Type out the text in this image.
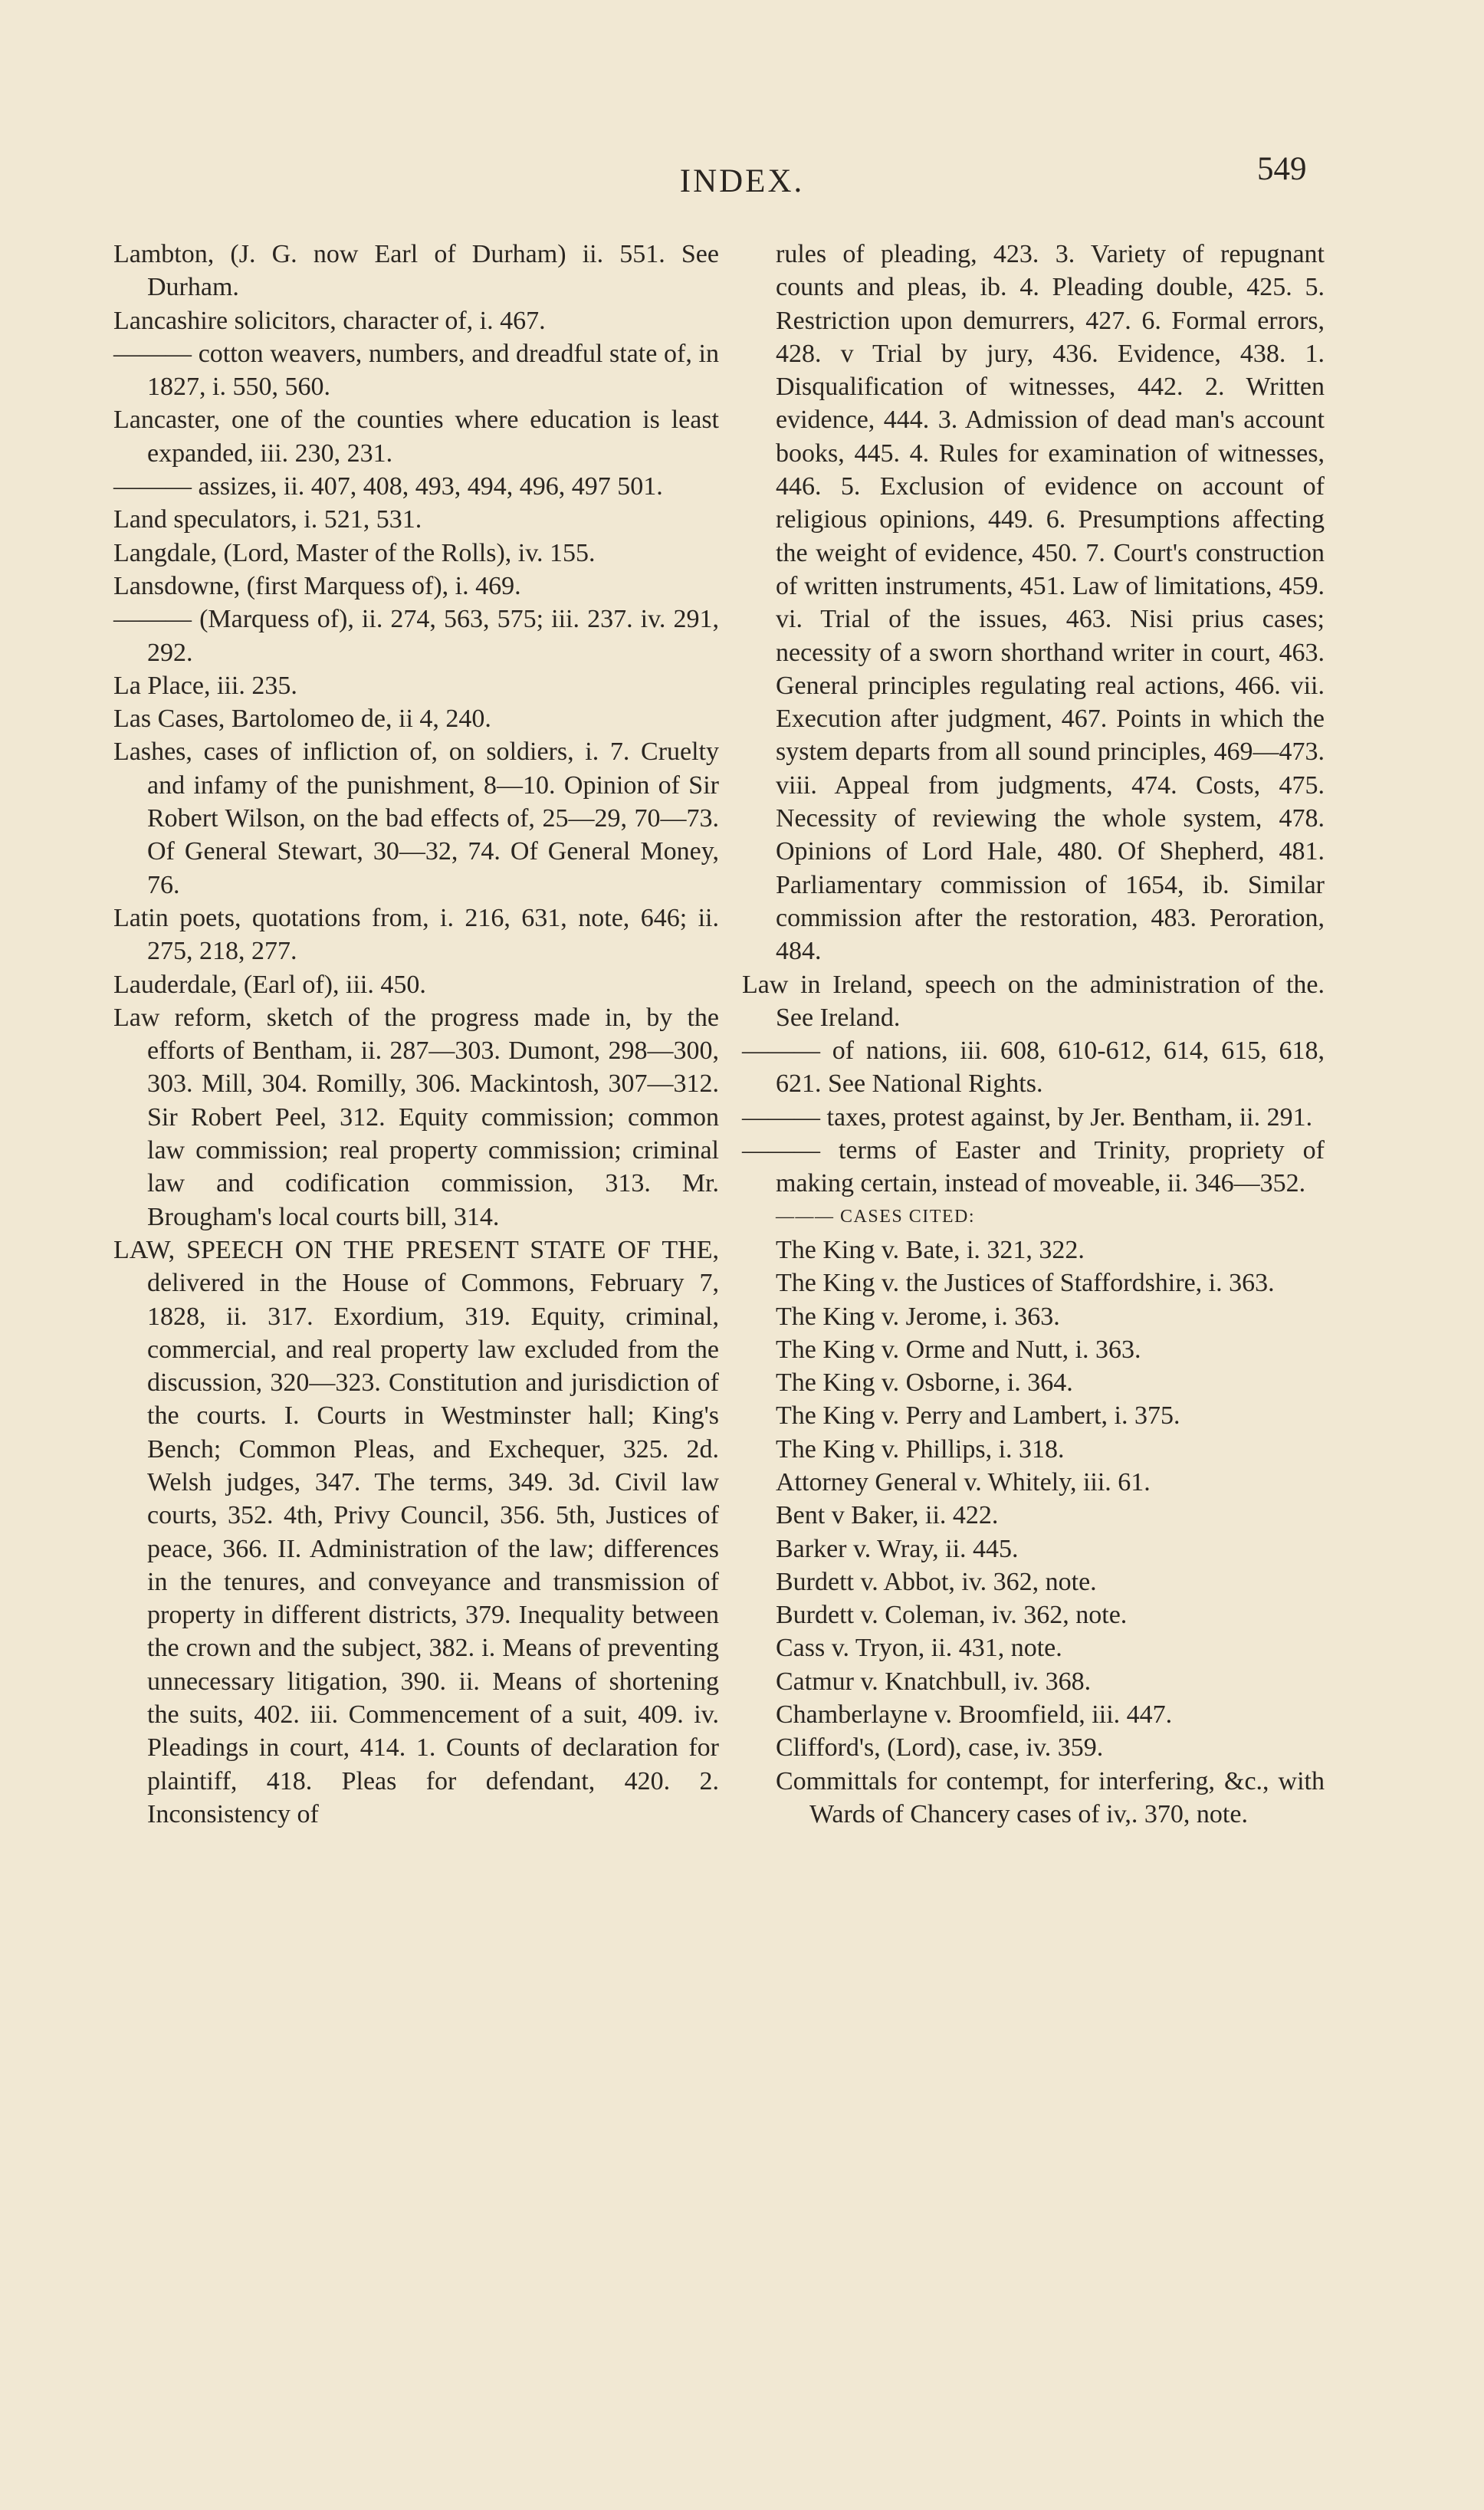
INDEX.	549

Lambton, (J. G. now Earl of Durham) ii. 551. See Durham.

Lancashire solicitors, character of, i. 467.

——— cotton weavers, numbers, and dreadful state of, in 1827, i. 550, 560.

Lancaster, one of the counties where education is least expanded, iii. 230, 231.

——— assizes, ii. 407, 408, 493, 494, 496, 497 501.

Land speculators, i. 521, 531.

Langdale, (Lord, Master of the Rolls), iv. 155.

Lansdowne, (first Marquess of), i. 469.

——— (Marquess of), ii. 274, 563, 575; iii. 237. iv. 291, 292.

La Place, iii. 235.

Las Cases, Bartolomeo de, ii 4, 240.

Lashes, cases of infliction of, on soldiers, i. 7. Cruelty and infamy of the punishment, 8—10. Opinion of Sir Robert Wilson, on the bad effects of, 25—29, 70—73. Of General Stewart, 30—32, 74. Of General Money, 76.

Latin poets, quotations from, i. 216, 631, note, 646; ii. 275, 218, 277.

Lauderdale, (Earl of), iii. 450.

Law reform, sketch of the progress made in, by the efforts of Bentham, ii. 287—303. Dumont, 298—300, 303. Mill, 304. Romilly, 306. Mackintosh, 307—312. Sir Robert Peel, 312. Equity commission; common law commission; real property commission; criminal law and codification commission, 313. Mr. Brougham's local courts bill, 314.

LAW, SPEECH ON THE PRESENT STATE OF THE, delivered in the House of Commons, February 7, 1828, ii. 317. Exordium, 319. Equity, criminal, commercial, and real property law excluded from the discussion, 320—323. Constitution and jurisdiction of the courts. I. Courts in Westminster hall; King's Bench; Common Pleas, and Exchequer, 325. 2d. Welsh judges, 347. The terms, 349. 3d. Civil law courts, 352. 4th, Privy Council, 356. 5th, Justices of peace, 366. II. Administration of the law; differences in the tenures, and conveyance and transmission of property in different districts, 379. Inequality between the crown and the subject, 382. i. Means of preventing unnecessary litigation, 390. ii. Means of shortening the suits, 402. iii. Commencement of a suit, 409. iv. Pleadings in court, 414. 1. Counts of declaration for plaintiff, 418. Pleas for defendant, 420. 2. Inconsistency of

rules of pleading, 423. 3. Variety of repugnant counts and pleas, ib. 4. Pleading double, 425. 5. Restriction upon demurrers, 427. 6. Formal errors, 428. v Trial by jury, 436. Evidence, 438. 1. Disqualification of witnesses, 442. 2. Written evidence, 444. 3. Admission of dead man's account books, 445. 4. Rules for examination of witnesses, 446. 5. Exclusion of evidence on account of religious opinions, 449. 6. Presumptions affecting the weight of evidence, 450. 7. Court's construction of written instruments, 451. Law of limitations, 459. vi. Trial of the issues, 463. Nisi prius cases; necessity of a sworn shorthand writer in court, 463. General principles regulating real actions, 466. vii. Execution after judgment, 467. Points in which the system departs from all sound principles, 469—473. viii. Appeal from judgments, 474. Costs, 475. Necessity of reviewing the whole system, 478. Opinions of Lord Hale, 480. Of Shepherd, 481. Parliamentary commission of 1654, ib. Similar commission after the restoration, 483. Peroration, 484.

Law in Ireland, speech on the administration of the. See Ireland.

——— of nations, iii. 608, 610-612, 614, 615, 618, 621. See National Rights.

——— taxes, protest against, by Jer. Bentham, ii. 291.

——— terms of Easter and Trinity, propriety of making certain, instead of moveable, ii. 346—352.

——— CASES CITED:

The King v. Bate, i. 321, 322.

The King v. the Justices of Staffordshire, i. 363.

The King v. Jerome, i. 363.

The King v. Orme and Nutt, i. 363.

The King v. Osborne, i. 364.

The King v. Perry and Lambert, i. 375.

The King v. Phillips, i. 318.

Attorney General v. Whitely, iii. 61.

Bent v Baker, ii. 422.

Barker v. Wray, ii. 445.

Burdett v. Abbot, iv. 362, note.

Burdett v. Coleman, iv. 362, note.

Cass v. Tryon, ii. 431, note.

Catmur v. Knatchbull, iv. 368.

Chamberlayne v. Broomfield, iii. 447.

Clifford's, (Lord), case, iv. 359.

Committals for contempt, for interfering, &c., with Wards of Chancery cases of iv,. 370, note.
